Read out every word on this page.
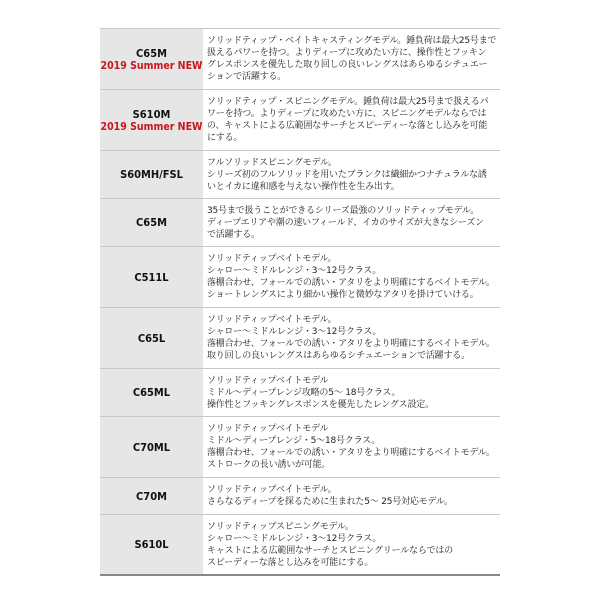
C65M
2019 Summer NEW	ソリッドティップ・ベイトキャスティングモデル。錘負荷は最大25号まで
扱えるパワーを持つ。よりディープに攻めたい方に、操作性とフッキン
グレスポンスを優先した取り回しの良いレングスはあらゆるシチュエー
ションで活躍する。

S610M
2019 Summer NEW	ソリッドティップ・スピニングモデル。錘負荷は最大25号まで扱えるパ
ワーを持つ。よりディープに攻めたい方に、スピニングモデルならでは
の、キャストによる広範囲なサーチとスピーディーな落とし込みを可能
にする。

S60MH/FSL	フルソリッドスピニングモデル。
シリーズ初のフルソリッドを用いたブランクは繊細かつナチュラルな誘
いとイカに違和感を与えない操作性を生み出す。

C65M	35号まで扱うことができるシリーズ最強のソリッドティップモデル。
ディープエリアや潮の速いフィールド、イカのサイズが大きなシーズン
で活躍する。

C511L	ソリッドティップベイトモデル。
シャロー〜ミドルレンジ・3〜12号クラス。
落棚合わせ、フォールでの誘い・アタリをより明確にするベイトモデル。
ショートレングスにより細かい操作と微妙なアタリを掛けていける。

C65L	ソリッドティップベイトモデル。
シャロー〜ミドルレンジ・3〜12号クラス。
落棚合わせ、フォールでの誘い・アタリをより明確にするベイトモデル。
取り回しの良いレングスはあらゆるシチュエーションで活躍する。

C65ML	ソリッドティップベイトモデル
ミドル〜ディープレンジ攻略の5〜 18号クラス。
操作性とフッキングレスポンスを優先したレングス設定。

C70ML	ソリッドティップベイトモデル
ミドル〜ディープレンジ・5〜18号クラス。
落棚合わせ、フォールでの誘い・アタリをより明確にするベイトモデル。
ストロークの長い誘いが可能。

C70M	ソリッドティップベイトモデル。
さらなるディープを探るために生まれた5〜 25号対応モデル。

S610L	ソリッドティップスピニングモデル。
シャロー〜ミドルレンジ・3〜12号クラス。
キャストによる広範囲なサーチとスピニングリールならではの
スピーディーな落とし込みを可能にする。
